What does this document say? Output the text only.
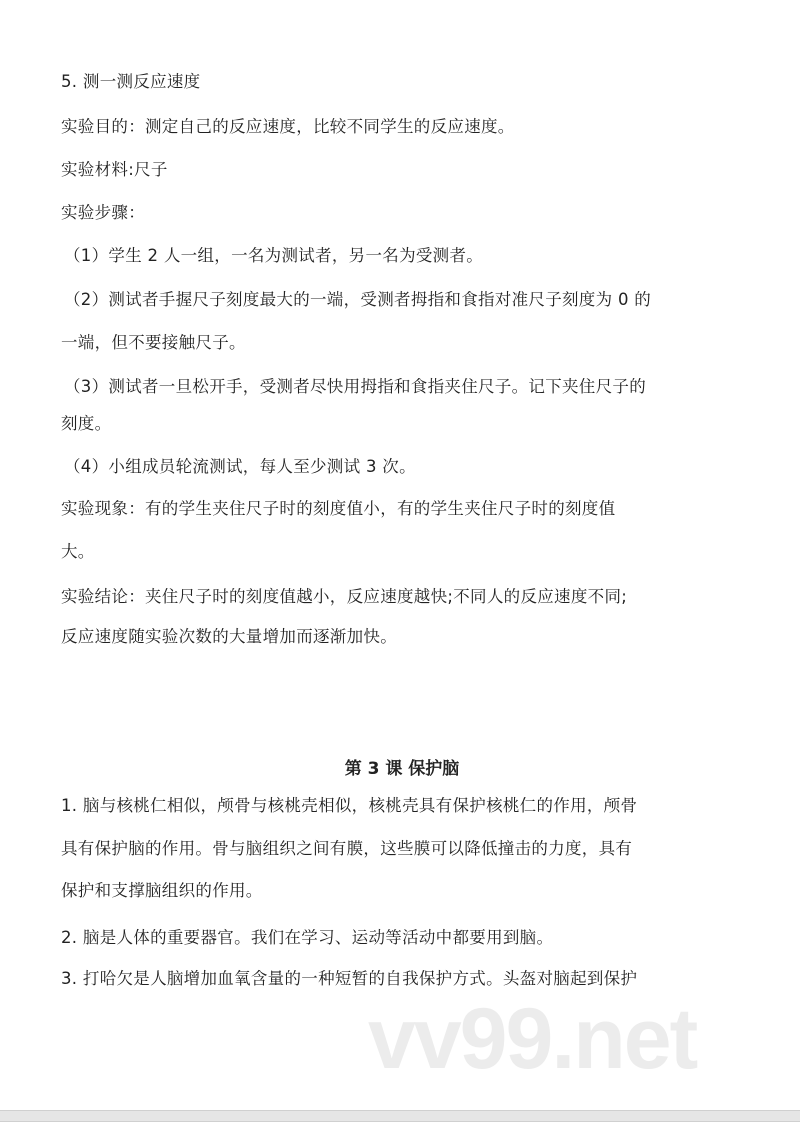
5. 测一测反应速度
实验目的：测定自己的反应速度，比较不同学生的反应速度。
实验材料:尺子
实验步骤：
（1）学生 2 人一组，一名为测试者，另一名为受测者。
（2）测试者手握尺子刻度最大的一端，受测者拇指和食指对准尺子刻度为 0 的
一端，但不要接触尺子。
（3）测试者一旦松开手，受测者尽快用拇指和食指夹住尺子。记下夹住尺子的
刻度。
（4）小组成员轮流测试，每人至少测试 3 次。
实验现象：有的学生夹住尺子时的刻度值小，有的学生夹住尺子时的刻度值
大。
实验结论：夹住尺子时的刻度值越小，反应速度越快;不同人的反应速度不同;
反应速度随实验次数的大量增加而逐渐加快。
第 3 课 保护脑
1. 脑与核桃仁相似，颅骨与核桃壳相似，核桃壳具有保护核桃仁的作用，颅骨
具有保护脑的作用。骨与脑组织之间有膜，这些膜可以降低撞击的力度，具有
保护和支撑脑组织的作用。
2. 脑是人体的重要器官。我们在学习、运动等活动中都要用到脑。
3. 打哈欠是人脑增加血氧含量的一种短暂的自我保护方式。头盔对脑起到保护
vv99.net
